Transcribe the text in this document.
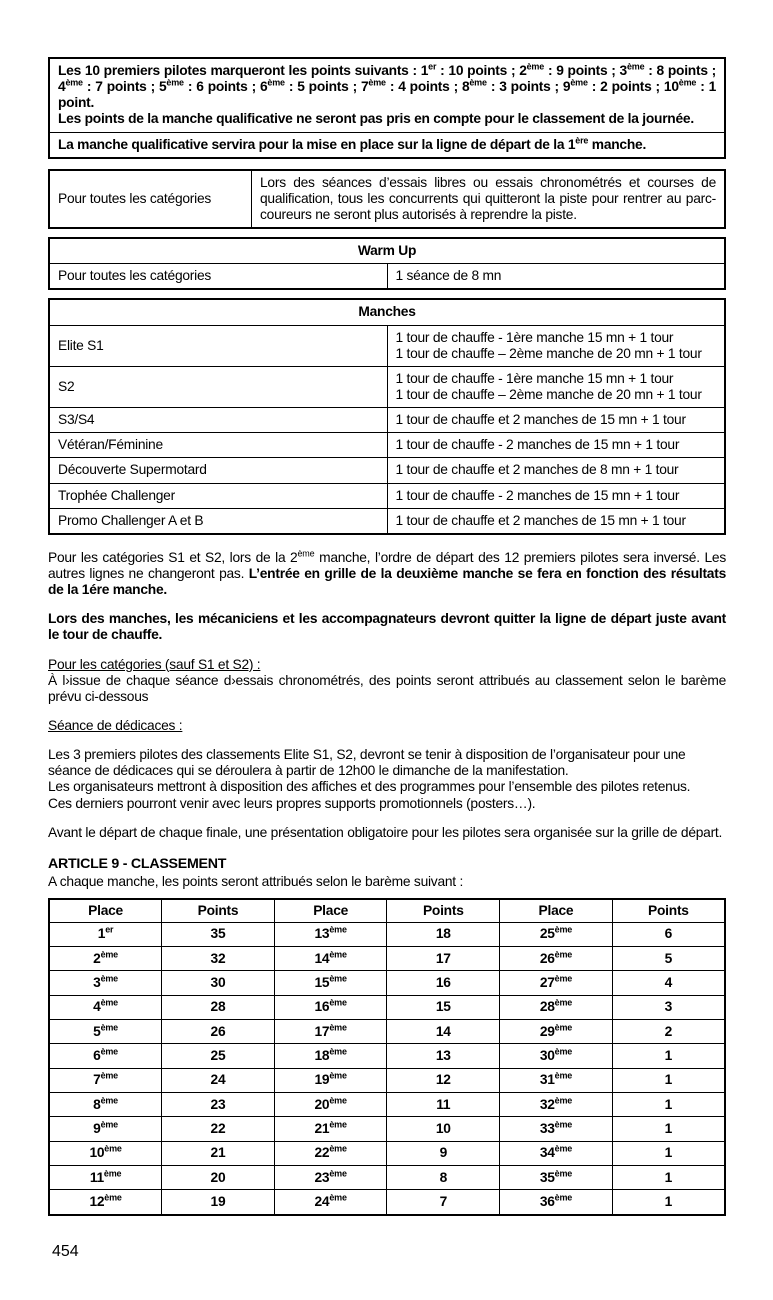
Les 10 premiers pilotes marqueront les points suivants : 1er : 10 points ; 2ème : 9 points ; 3ème : 8 points ; 4ème : 7 points ; 5ème : 6 points ; 6ème : 5 points ; 7ème : 4 points ; 8ème : 3 points ; 9ème : 2 points ; 10ème : 1 point.
Les points de la manche qualificative ne seront pas pris en compte pour le classement de la journée.
La manche qualificative servira pour la mise en place sur la ligne de départ de la 1ère manche.
Pour toutes les catégories	Lors des séances d’essais libres ou essais chronométrés et courses de qualification, tous les concurrents qui quitteront la piste pour rentrer au parc-coureurs ne seront plus autorisés à reprendre la piste.
Warm Up
Pour toutes les catégories	1 séance de 8 mn
Manches	
Elite S1	1 tour de chauffe - 1ère manche 15 mn + 1 tour
1 tour de chauffe – 2ème manche de 20 mn + 1 tour
S2	1 tour de chauffe - 1ère manche 15 mn + 1 tour
1 tour de chauffe – 2ème manche de 20 mn + 1 tour
S3/S4	1 tour de chauffe et 2 manches de 15 mn + 1 tour
Vétéran/Féminine	1 tour de chauffe - 2 manches de 15 mn + 1 tour
Découverte Supermotard	1 tour de chauffe et 2 manches de 8 mn + 1 tour
Trophée Challenger	1 tour de chauffe - 2 manches de 15 mn + 1 tour
Promo Challenger A et B	1 tour de chauffe et 2 manches de 15 mn + 1 tour

Pour les catégories S1 et S2, lors de la 2ème manche, l’ordre de départ des 12 premiers pilotes sera inversé. Les autres lignes ne changeront pas. L’entrée en grille de la deuxième manche se fera en fonction des résultats de la 1ére manche.

Lors des manches, les mécaniciens et les accompagnateurs devront quitter la ligne de départ juste avant le tour de chauffe.

Pour les catégories (sauf S1 et S2) :
À l›issue de chaque séance d›essais chronométrés, des points seront attribués au classement selon le barème prévu ci-dessous

Séance de dédicaces :

Les 3 premiers pilotes des classements Elite S1, S2, devront se tenir à disposition de l’organisateur pour une séance de dédicaces qui se déroulera à partir de 12h00 le dimanche de la manifestation.
Les organisateurs mettront à disposition des affiches et des programmes pour l’ensemble des pilotes retenus.
Ces derniers pourront venir avec leurs propres supports promotionnels (posters…).

Avant le départ de chaque finale, une présentation obligatoire pour les pilotes sera organisée sur la grille de départ.

ARTICLE 9 - CLASSEMENT

A chaque manche, les points seront attribués selon le barème suivant :

Place	Points	Place	Points	Place	Points
1er	35	13ème	18	25ème	6
2ème	32	14ème	17	26ème	5
3ème	30	15ème	16	27ème	4
4ème	28	16ème	15	28ème	3
5ème	26	17ème	14	29ème	2
6ème	25	18ème	13	30ème	1
7ème	24	19ème	12	31ème	1
8ème	23	20ème	11	32ème	1
9ème	22	21ème	10	33ème	1
10ème	21	22ème	9	34ème	1
11ème	20	23ème	8	35ème	1
12ème	19	24ème	7	36ème	1
454
